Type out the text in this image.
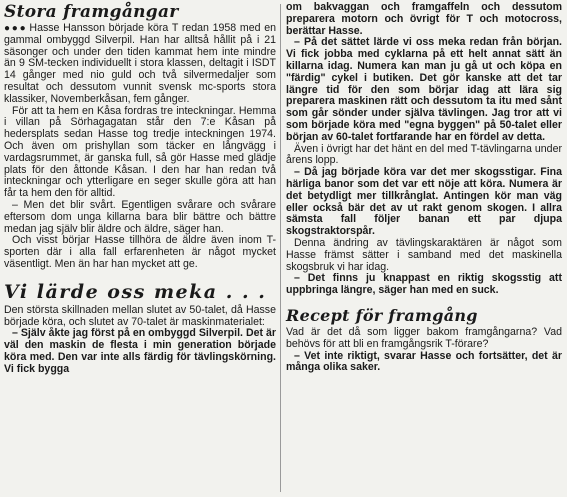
Stora framgångar

●●● Hasse Hansson började köra T redan 1958 med en gammal ombyggd Silverpil. Han har alltså hållit på i 21 säsonger och under den tiden kammat hem inte mindre än 9 SM-tecken individuellt i stora klassen, deltagit i ISDT 14 gånger med nio guld och två silvermedaljer som resultat och dessutom vunnit svensk mc-sports stora klassiker, Novemberkåsan, fem gånger.

För att ta hem en Kåsa fordras tre inteckningar. Hemma i villan på Sörhagagatan står den 7:e Kåsan på hedersplats sedan Hasse tog tredje inteckningen 1974. Och även om prishyllan som täcker en långvägg i vardagsrummet, är ganska full, så gör Hasse med glädje plats för den åttonde Kåsan. I den har han redan två inteckningar och ytterligare en seger skulle göra att han får ta hem den för alltid.

– Men det blir svårt. Egentligen svårare och svårare eftersom dom unga killarna bara blir bättre och bättre medan jag själv blir äldre och äldre, säger han.

Och visst börjar Hasse tillhöra de äldre även inom T-sporten där i alla fall erfarenheten är något mycket väsentligt. Men än har han mycket att ge.

Vi lärde oss meka . . .

Den största skillnaden mellan slutet av 50-talet, då Hasse började köra, och slutet av 70-talet är maskinmaterialet:

– Själv åkte jag först på en ombyggd Silverpil. Det är väl den maskin de flesta i min generation började köra med. Den var inte alls färdig för tävlingskörning. Vi fick bygga

om bakvaggan och framgaffeln och dessutom preparera motorn och övrigt för T och motocross, berättar Hasse.

– På det sättet lärde vi oss meka redan från början. Vi fick jobba med cyklarna på ett helt annat sätt än killarna idag. Numera kan man ju gå ut och köpa en "färdig" cykel i butiken. Det gör kanske att det tar längre tid för den som börjar idag att lära sig preparera maskinen rätt och dessutom ta itu med sånt som går sönder under själva tävlingen. Jag tror att vi som började köra med "egna byggen" på 50-talet eller början av 60-talet fortfarande har en fördel av detta.

Även i övrigt har det hänt en del med T-tävlingarna under årens lopp.

– Då jag började köra var det mer skogsstigar. Fina härliga banor som det var ett nöje att köra. Numera är det betydligt mer tillkrånglat. Antingen kör man väg eller också bär det av ut rakt genom skogen. I allra sämsta fall följer banan ett par djupa skogstraktorspår.

Denna ändring av tävlingskaraktären är något som Hasse främst sätter i samband med det maskinella skogsbruk vi har idag.

– Det finns ju knappast en riktig skogsstig att uppbringa längre, säger han med en suck.

Recept för framgång

Vad är det då som ligger bakom framgångarna? Vad behövs för att bli en framgångsrik T-förare?

– Vet inte riktigt, svarar Hasse och fortsätter, det är många olika saker.
